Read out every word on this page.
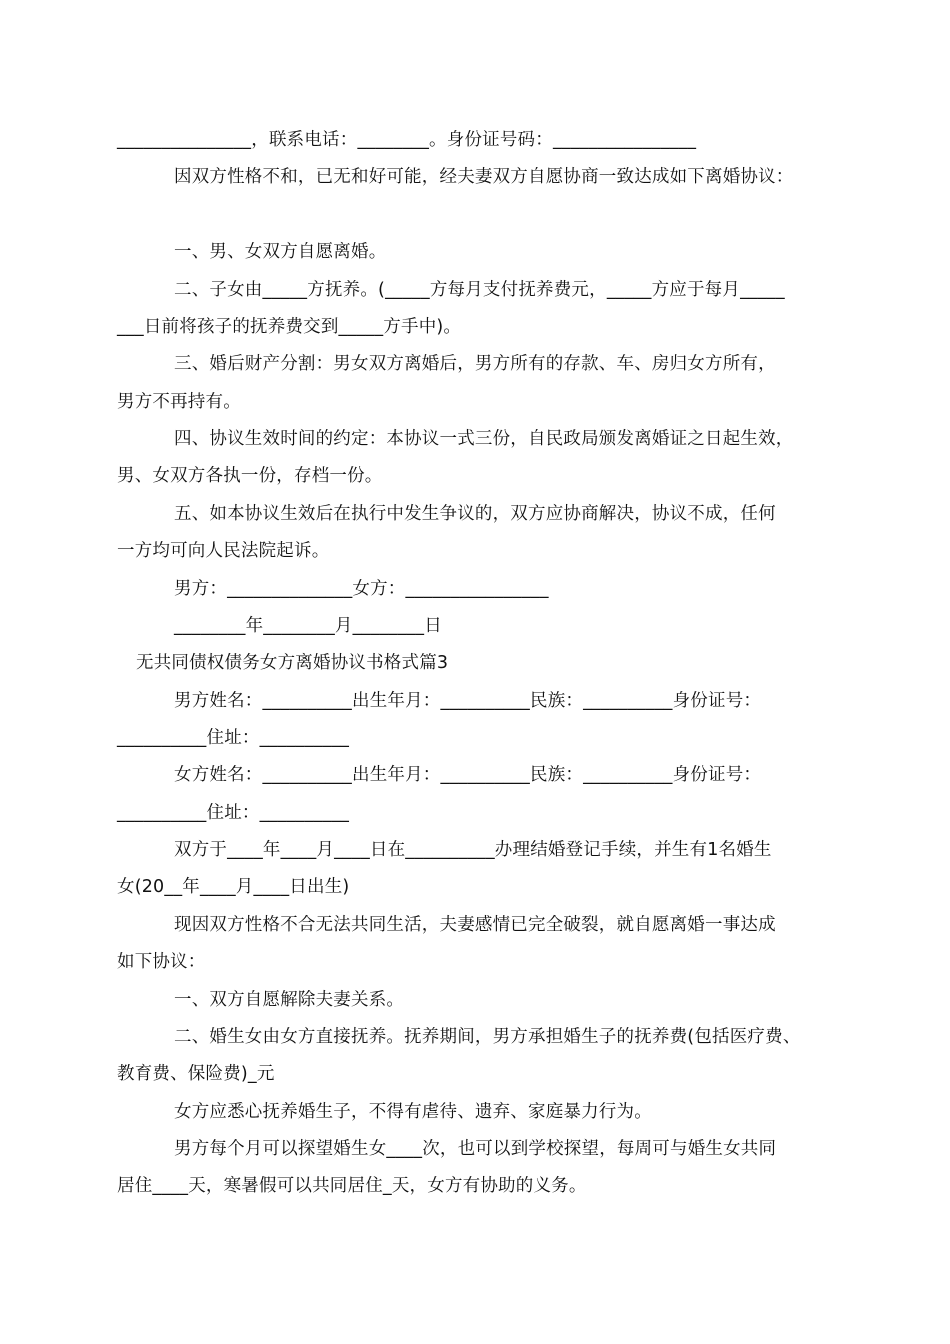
_______________，联系电话：________。身份证号码：________________
因双方性格不和，已无和好可能，经夫妻双方自愿协商一致达成如下离婚协议：
一、男、女双方自愿离婚。
二、子女由_____方抚养。(_____方每月支付抚养费元，_____方应于每月_____
___日前将孩子的抚养费交到_____方手中)。
三、婚后财产分割：男女双方离婚后，男方所有的存款、车、房归女方所有，
男方不再持有。
四、协议生效时间的约定：本协议一式三份，自民政局颁发离婚证之日起生效，
男、女双方各执一份，存档一份。
五、如本协议生效后在执行中发生争议的，双方应协商解决，协议不成，任何
一方均可向人民法院起诉。
男方：______________女方：________________
________年________月________日
无共同债权债务女方离婚协议书格式篇3
男方姓名：__________出生年月：__________民族：__________身份证号：
__________住址：__________
女方姓名：__________出生年月：__________民族：__________身份证号：
__________住址：__________
双方于____年____月____日在__________办理结婚登记手续，并生有1名婚生
女(20__年____月____日出生)
现因双方性格不合无法共同生活，夫妻感情已完全破裂，就自愿离婚一事达成
如下协议：
一、双方自愿解除夫妻关系。
二、婚生女由女方直接抚养。抚养期间，男方承担婚生子的抚养费(包括医疗费、
教育费、保险费)_元
女方应悉心抚养婚生子，不得有虐待、遗弃、家庭暴力行为。
男方每个月可以探望婚生女____次，也可以到学校探望，每周可与婚生女共同
居住____天，寒暑假可以共同居住_天，女方有协助的义务。
